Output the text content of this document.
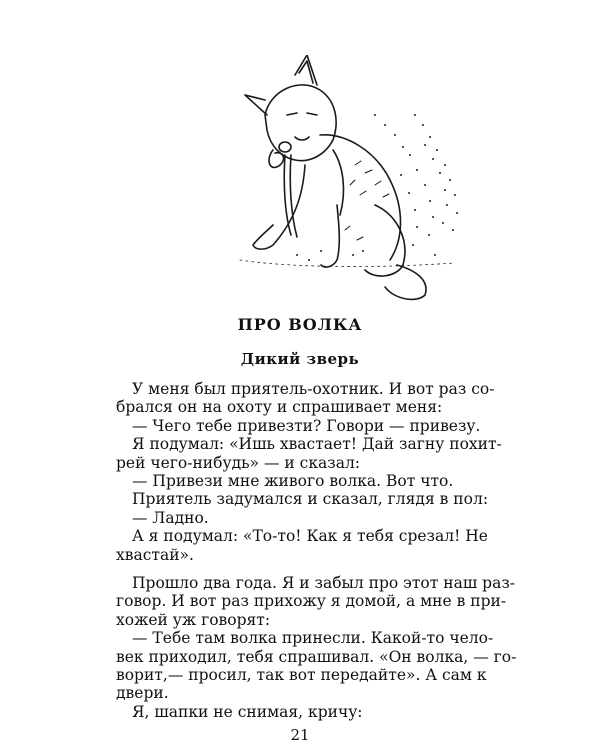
ПРО ВОЛКА
Дикий зверь
У меня был приятель-охотник. И вот раз со-
брался он на охоту и спрашивает меня:
— Чего тебе привезти? Говори — привезу.
Я подумал: «Ишь хвастает! Дай загну похит-
рей чего-нибудь» — и сказал:
— Привези мне живого волка. Вот что.
Приятель задумался и сказал, глядя в пол:
— Ладно.
А я подумал: «То-то! Как я тебя срезал! Не
хвастай».
Прошло два года. Я и забыл про этот наш раз-
говор. И вот раз прихожу я домой, а мне в при-
хожей уж говорят:
— Тебе там волка принесли. Какой-то чело-
век приходил, тебя спрашивал. «Он волка, — го-
ворит,— просил, так вот передайте». А сам к
двери.
Я, шапки не снимая, кричу:
21
